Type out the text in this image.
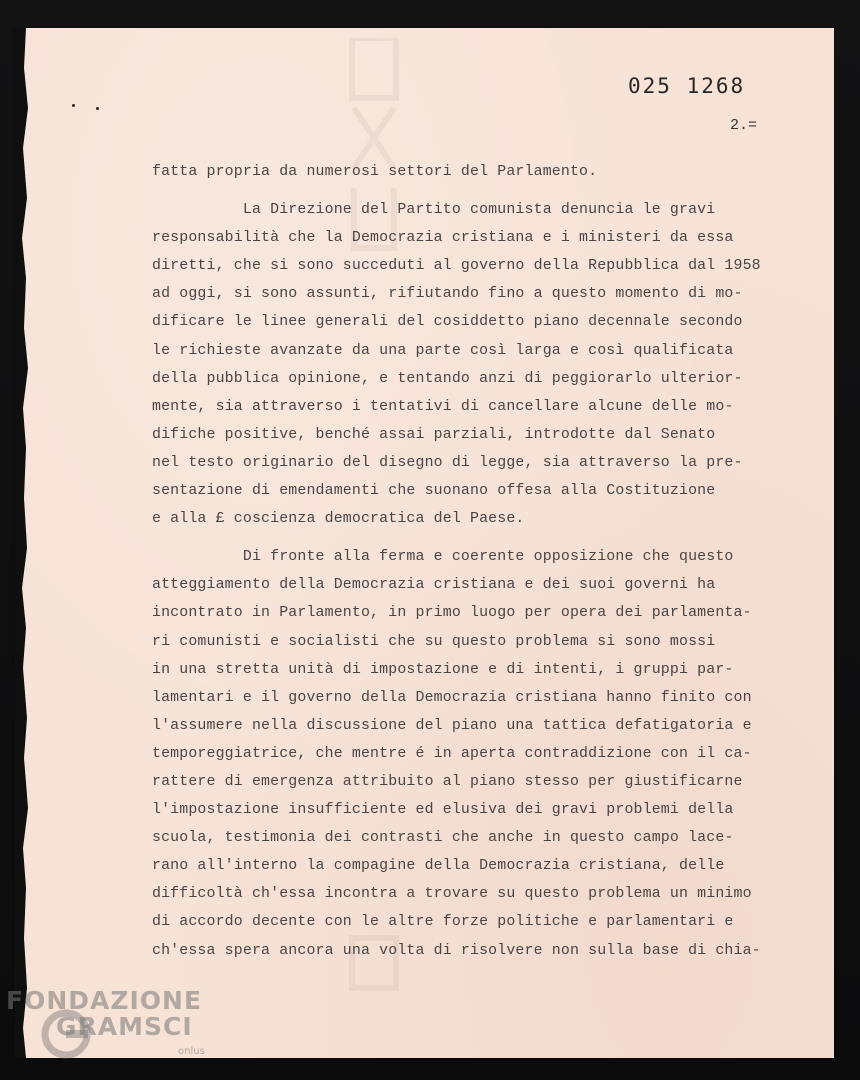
025 1268
2.=
fatta propria da numerosi settori del Parlamento.
La Direzione del Partito comunista denuncia le gravi
responsabilità che la Democrazia cristiana e i ministeri da essa
diretti, che si sono succeduti al governo della Repubblica dal 1958
ad oggi, si sono assunti, rifiutando fino a questo momento di mo-
dificare le linee generali del cosiddetto piano decennale secondo
le richieste avanzate da una parte così larga e così qualificata
della pubblica opinione, e tentando anzi di peggiorarlo ulterior-
mente, sia attraverso i tentativi di cancellare alcune delle mo-
difiche positive, benché assai parziali, introdotte dal Senato
nel testo originario del disegno di legge, sia attraverso la pre-
sentazione di emendamenti che suonano offesa alla Costituzione
e alla £ coscienza democratica del Paese.
Di fronte alla ferma e coerente opposizione che questo
atteggiamento della Democrazia cristiana e dei suoi governi ha
incontrato in Parlamento, in primo luogo per opera dei parlamenta-
ri comunisti e socialisti che su questo problema si sono mossi
in una stretta unità di impostazione e di intenti, i gruppi par-
lamentari e il governo della Democrazia cristiana hanno finito con
l'assumere nella discussione del piano una tattica defatigatoria e
temporeggiatrice, che mentre é in aperta contraddizione con il ca-
rattere di emergenza attribuito al piano stesso per giustificarne
l'impostazione insufficiente ed elusiva dei gravi problemi della
scuola, testimonia dei contrasti che anche in questo campo lace-
rano all'interno la compagine della Democrazia cristiana, delle
difficoltà ch'essa incontra a trovare su questo problema un minimo
di accordo decente con le altre forze politiche e parlamentari e
ch'essa spera ancora una volta di risolvere non sulla base di chia-
FONDAZIONE
GRAMSCI
onlus
